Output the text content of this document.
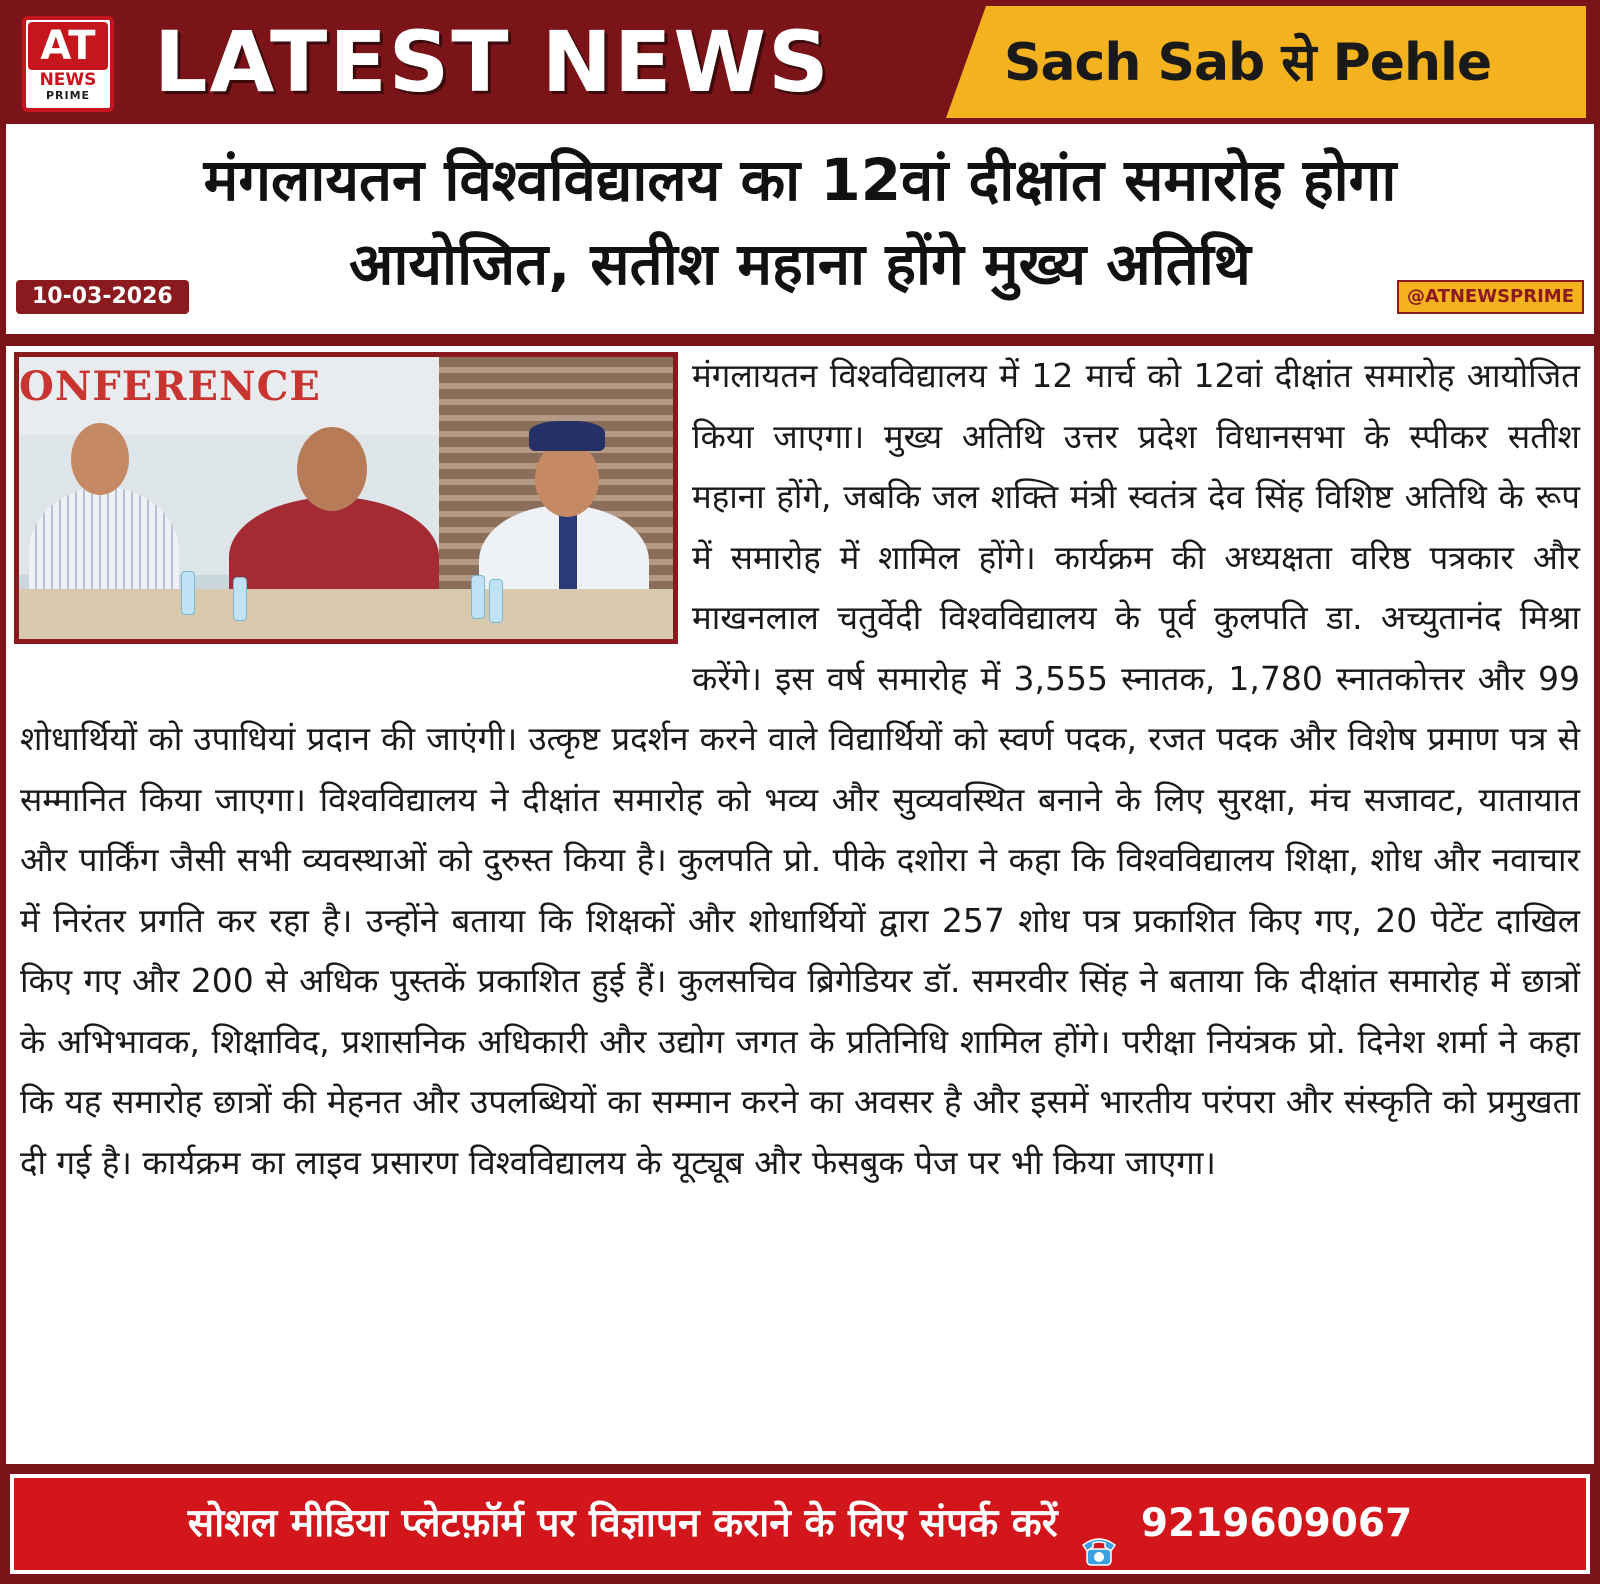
AT
NEWS
PRIME LATEST NEWS	Sach Sab से Pehle
मंगलायतन विश्वविद्यालय का 12वां दीक्षांत समारोह होगा
आयोजित, सतीश महाना होंगे मुख्य अतिथि
10-03-2026	@ATNEWSPRIME
ONFERENCE	मंगलायतन विश्वविद्यालय में 12 मार्च को 12वां दीक्षांत समारोह आयोजित किया जाएगा। मुख्य अतिथि उत्तर प्रदेश विधानसभा के स्पीकर सतीश महाना होंगे, जबकि जल शक्ति मंत्री स्वतंत्र देव सिंह विशिष्ट अतिथि के रूप में समारोह में शामिल होंगे। कार्यक्रम की अध्यक्षता वरिष्ठ पत्रकार और माखनलाल चतुर्वेदी विश्वविद्यालय के पूर्व कुलपति डा. अच्युतानंद मिश्रा करेंगे। इस वर्ष समारोह में 3,555 स्नातक, 1,780 स्नातकोत्तर और 99 शोधार्थियों को उपाधियां प्रदान की जाएंगी। उत्कृष्ट प्रदर्शन करने वाले विद्यार्थियों को स्वर्ण पदक, रजत पदक और विशेष प्रमाण पत्र से सम्मानित किया जाएगा। विश्वविद्यालय ने दीक्षांत समारोह को भव्य और सुव्यवस्थित बनाने के लिए सुरक्षा, मंच सजावट, यातायात और पार्किंग जैसी सभी व्यवस्थाओं को दुरुस्त किया है। कुलपति प्रो. पीके दशोरा ने कहा कि विश्वविद्यालय शिक्षा, शोध और नवाचार में निरंतर प्रगति कर रहा है। उन्होंने बताया कि शिक्षकों और शोधार्थियों द्वारा 257 शोध पत्र प्रकाशित किए गए, 20 पेटेंट दाखिल किए गए और 200 से अधिक पुस्तकें प्रकाशित हुई हैं। कुलसचिव ब्रिगेडियर डॉ. समरवीर सिंह ने बताया कि दीक्षांत समारोह में छात्रों के अभिभावक, शिक्षाविद, प्रशासनिक अधिकारी और उद्योग जगत के प्रतिनिधि शामिल होंगे। परीक्षा नियंत्रक प्रो. दिनेश शर्मा ने कहा कि यह समारोह छात्रों की मेहनत और उपलब्धियों का सम्मान करने का अवसर है और इसमें भारतीय परंपरा और संस्कृति को प्रमुखता दी गई है। कार्यक्रम का लाइव प्रसारण विश्वविद्यालय के यूट्यूब और फेसबुक पेज पर भी किया जाएगा।
सोशल मीडिया प्लेटफ़ॉर्म पर विज्ञापन कराने के लिए संपर्क करें 9219609067
